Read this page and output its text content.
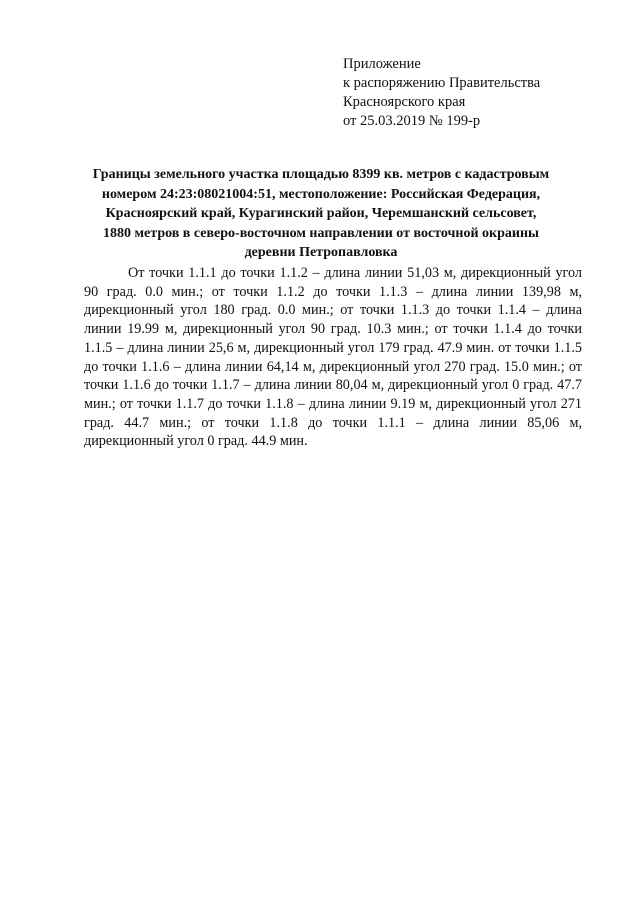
Приложение
к распоряжению Правительства
Красноярского края
от 25.03.2019 № 199-р
Границы земельного участка площадью 8399 кв. метров с кадастровым
номером 24:23:08021004:51, местоположение: Российская Федерация,
Красноярский край, Курагинский район, Черемшанский сельсовет,
1880 метров в северо-восточном направлении от восточной окраины
деревни Петропавловка
От точки 1.1.1 до точки 1.1.2 – длина линии 51,03 м, дирекционный угол 90 град. 0.0 мин.; от точки 1.1.2 до точки 1.1.3 – длина линии 139,98 м, дирекционный угол 180 град. 0.0 мин.; от точки 1.1.3 до точки 1.1.4 – длина линии 19.99 м, дирекционный угол 90 град. 10.3 мин.; от точки 1.1.4 до точки 1.1.5 – длина линии 25,6 м, дирекционный угол 179 град. 47.9 мин. от точки 1.1.5 до точки 1.1.6 – длина линии 64,14 м, дирекционный угол 270 град. 15.0 мин.; от точки 1.1.6 до точки 1.1.7 – длина линии 80,04 м, дирекционный угол 0 град. 47.7 мин.; от точки 1.1.7 до точки 1.1.8 – длина линии 9.19 м, дирекционный угол 271 град. 44.7 мин.; от точки 1.1.8 до точки 1.1.1 – длина линии 85,06 м, дирекционный угол 0 град. 44.9 мин.
